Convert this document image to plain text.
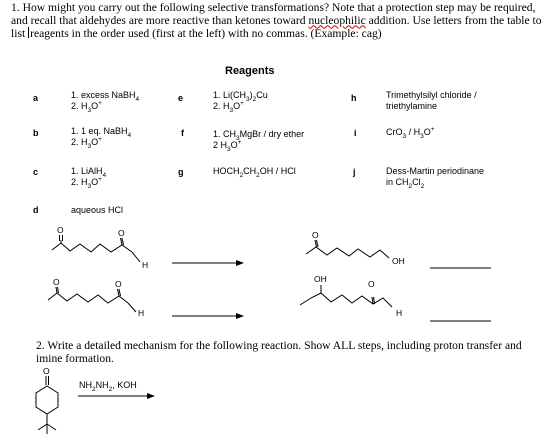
1. How might you carry out the following selective transformations? Note that a protection step may be required, and recall that aldehydes are more reactive than ketones toward nucleophilic addition. Use letters from the table to list reagents in the order used (first at the left) with no commas. (Example: cag)
Reagents
a	1. excess NaBH$_4$
2. $H_3O^+$
b	1. 1 eq. NaBH$_4$
2. $H_3O^+$
c	1. LiAlH$_4$
2. $H_3O^+$
d	aqueous HCl
e	1. $Li(CH_3)_2Cu$
2. $H_3O^+$
f	1. $CH_3MgBr$ / dry ether
2 $H_3O^+$
g	$HOCH_2CH_2OH$ / HCl
h	Trimethylsilyl chloride /
triethylamine
i	$CrO_3 / H_3O^+$
j	Dess-Martin periodinane
in $CH_2Cl_2$
O	O
H
O
OH
O	O
H
OH	O
H
O
2. Write a detailed mechanism for the following reaction. Show ALL steps, including proton transfer and imine formation.
$NH_2NH_2$, KOH
